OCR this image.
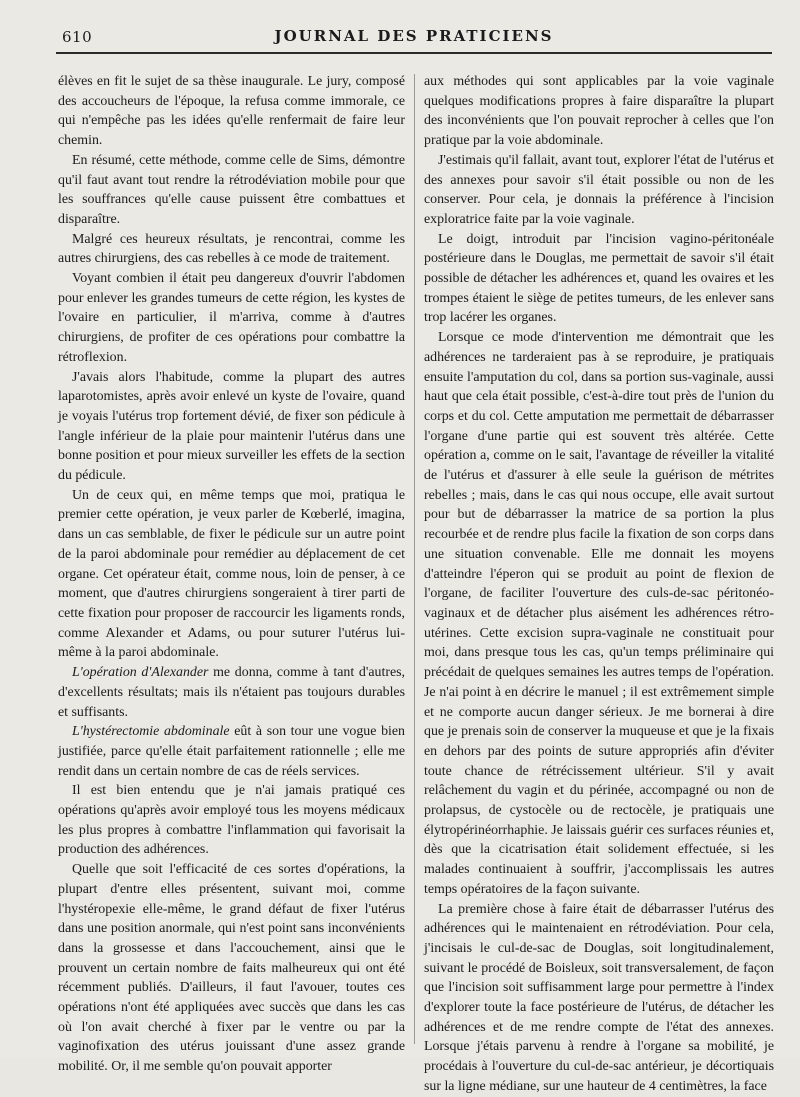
610	JOURNAL DES PRATICIENS

élèves en fit le sujet de sa thèse inaugurale. Le jury, composé des accoucheurs de l'époque, la refusa comme immorale, ce qui n'empêche pas les idées qu'elle renfermait de faire leur chemin.

En résumé, cette méthode, comme celle de Sims, démontre qu'il faut avant tout rendre la rétrodéviation mobile pour que les souffrances qu'elle cause puissent être combattues et disparaître.

Malgré ces heureux résultats, je rencontrai, comme les autres chirurgiens, des cas rebelles à ce mode de traitement.

Voyant combien il était peu dangereux d'ouvrir l'abdomen pour enlever les grandes tumeurs de cette région, les kystes de l'ovaire en particulier, il m'arriva, comme à d'autres chirurgiens, de profiter de ces opérations pour combattre la rétroflexion.

J'avais alors l'habitude, comme la plupart des autres laparotomistes, après avoir enlevé un kyste de l'ovaire, quand je voyais l'utérus trop fortement dévié, de fixer son pédicule à l'angle inférieur de la plaie pour maintenir l'utérus dans une bonne position et pour mieux surveiller les effets de la section du pédicule.

Un de ceux qui, en même temps que moi, pratiqua le premier cette opération, je veux parler de Kœberlé, imagina, dans un cas semblable, de fixer le pédicule sur un autre point de la paroi abdominale pour remédier au déplacement de cet organe. Cet opérateur était, comme nous, loin de penser, à ce moment, que d'autres chirurgiens songeraient à tirer parti de cette fixation pour proposer de raccourcir les ligaments ronds, comme Alexander et Adams, ou pour suturer l'utérus lui-même à la paroi abdominale.

L'opération d'Alexander me donna, comme à tant d'autres, d'excellents résultats; mais ils n'étaient pas toujours durables et suffisants.

L'hystérectomie abdominale eût à son tour une vogue bien justifiée, parce qu'elle était parfaitement rationnelle ; elle me rendit dans un certain nombre de cas de réels services.

Il est bien entendu que je n'ai jamais pratiqué ces opérations qu'après avoir employé tous les moyens médicaux les plus propres à combattre l'inflammation qui favorisait la production des adhérences.

Quelle que soit l'efficacité de ces sortes d'opérations, la plupart d'entre elles présentent, suivant moi, comme l'hystéropexie elle-même, le grand défaut de fixer l'utérus dans une position anormale, qui n'est point sans inconvénients dans la grossesse et dans l'accouchement, ainsi que le prouvent un certain nombre de faits malheureux qui ont été récemment publiés. D'ailleurs, il faut l'avouer, toutes ces opérations n'ont été appliquées avec succès que dans les cas où l'on avait cherché à fixer par le ventre ou par la vaginofixation des utérus jouissant d'une assez grande mobilité. Or, il me semble qu'on pouvait apporter

aux méthodes qui sont applicables par la voie vaginale quelques modifications propres à faire disparaître la plupart des inconvénients que l'on pouvait reprocher à celles que l'on pratique par la voie abdominale.

J'estimais qu'il fallait, avant tout, explorer l'état de l'utérus et des annexes pour savoir s'il était possible ou non de les conserver. Pour cela, je donnais la préférence à l'incision exploratrice faite par la voie vaginale.

Le doigt, introduit par l'incision vagino-péritonéale postérieure dans le Douglas, me permettait de savoir s'il était possible de détacher les adhérences et, quand les ovaires et les trompes étaient le siège de petites tumeurs, de les enlever sans trop lacérer les organes.

Lorsque ce mode d'intervention me démontrait que les adhérences ne tarderaient pas à se reproduire, je pratiquais ensuite l'amputation du col, dans sa portion sus-vaginale, aussi haut que cela était possible, c'est-à-dire tout près de l'union du corps et du col. Cette amputation me permettait de débarrasser l'organe d'une partie qui est souvent très altérée. Cette opération a, comme on le sait, l'avantage de réveiller la vitalité de l'utérus et d'assurer à elle seule la guérison de métrites rebelles ; mais, dans le cas qui nous occupe, elle avait surtout pour but de débarrasser la matrice de sa portion la plus recourbée et de rendre plus facile la fixation de son corps dans une situation convenable. Elle me donnait les moyens d'atteindre l'éperon qui se produit au point de flexion de l'organe, de faciliter l'ouverture des culs-de-sac péritonéo-vaginaux et de détacher plus aisément les adhérences rétro-utérines. Cette excision supra-vaginale ne constituait pour moi, dans presque tous les cas, qu'un temps préliminaire qui précédait de quelques semaines les autres temps de l'opération. Je n'ai point à en décrire le manuel ; il est extrêmement simple et ne comporte aucun danger sérieux. Je me bornerai à dire que je prenais soin de conserver la muqueuse et que je la fixais en dehors par des points de suture appropriés afin d'éviter toute chance de rétrécissement ultérieur. S'il y avait relâchement du vagin et du périnée, accompagné ou non de prolapsus, de cystocèle ou de rectocèle, je pratiquais une élytropérinéorrhaphie. Je laissais guérir ces surfaces réunies et, dès que la cicatrisation était solidement effectuée, si les malades continuaient à souffrir, j'accomplissais les autres temps opératoires de la façon suivante.

La première chose à faire était de débarrasser l'utérus des adhérences qui le maintenaient en rétrodéviation. Pour cela, j'incisais le cul-de-sac de Douglas, soit longitudinalement, suivant le procédé de Boisleux, soit transversalement, de façon que l'incision soit suffisamment large pour permettre à l'index d'explorer toute la face postérieure de l'utérus, de détacher les adhérences et de me rendre compte de l'état des annexes. Lorsque j'étais parvenu à rendre à l'organe sa mobilité, je procédais à l'ouverture du cul-de-sac antérieur, je décortiquais sur la ligne médiane, sur une hauteur de 4 centimètres, la face
